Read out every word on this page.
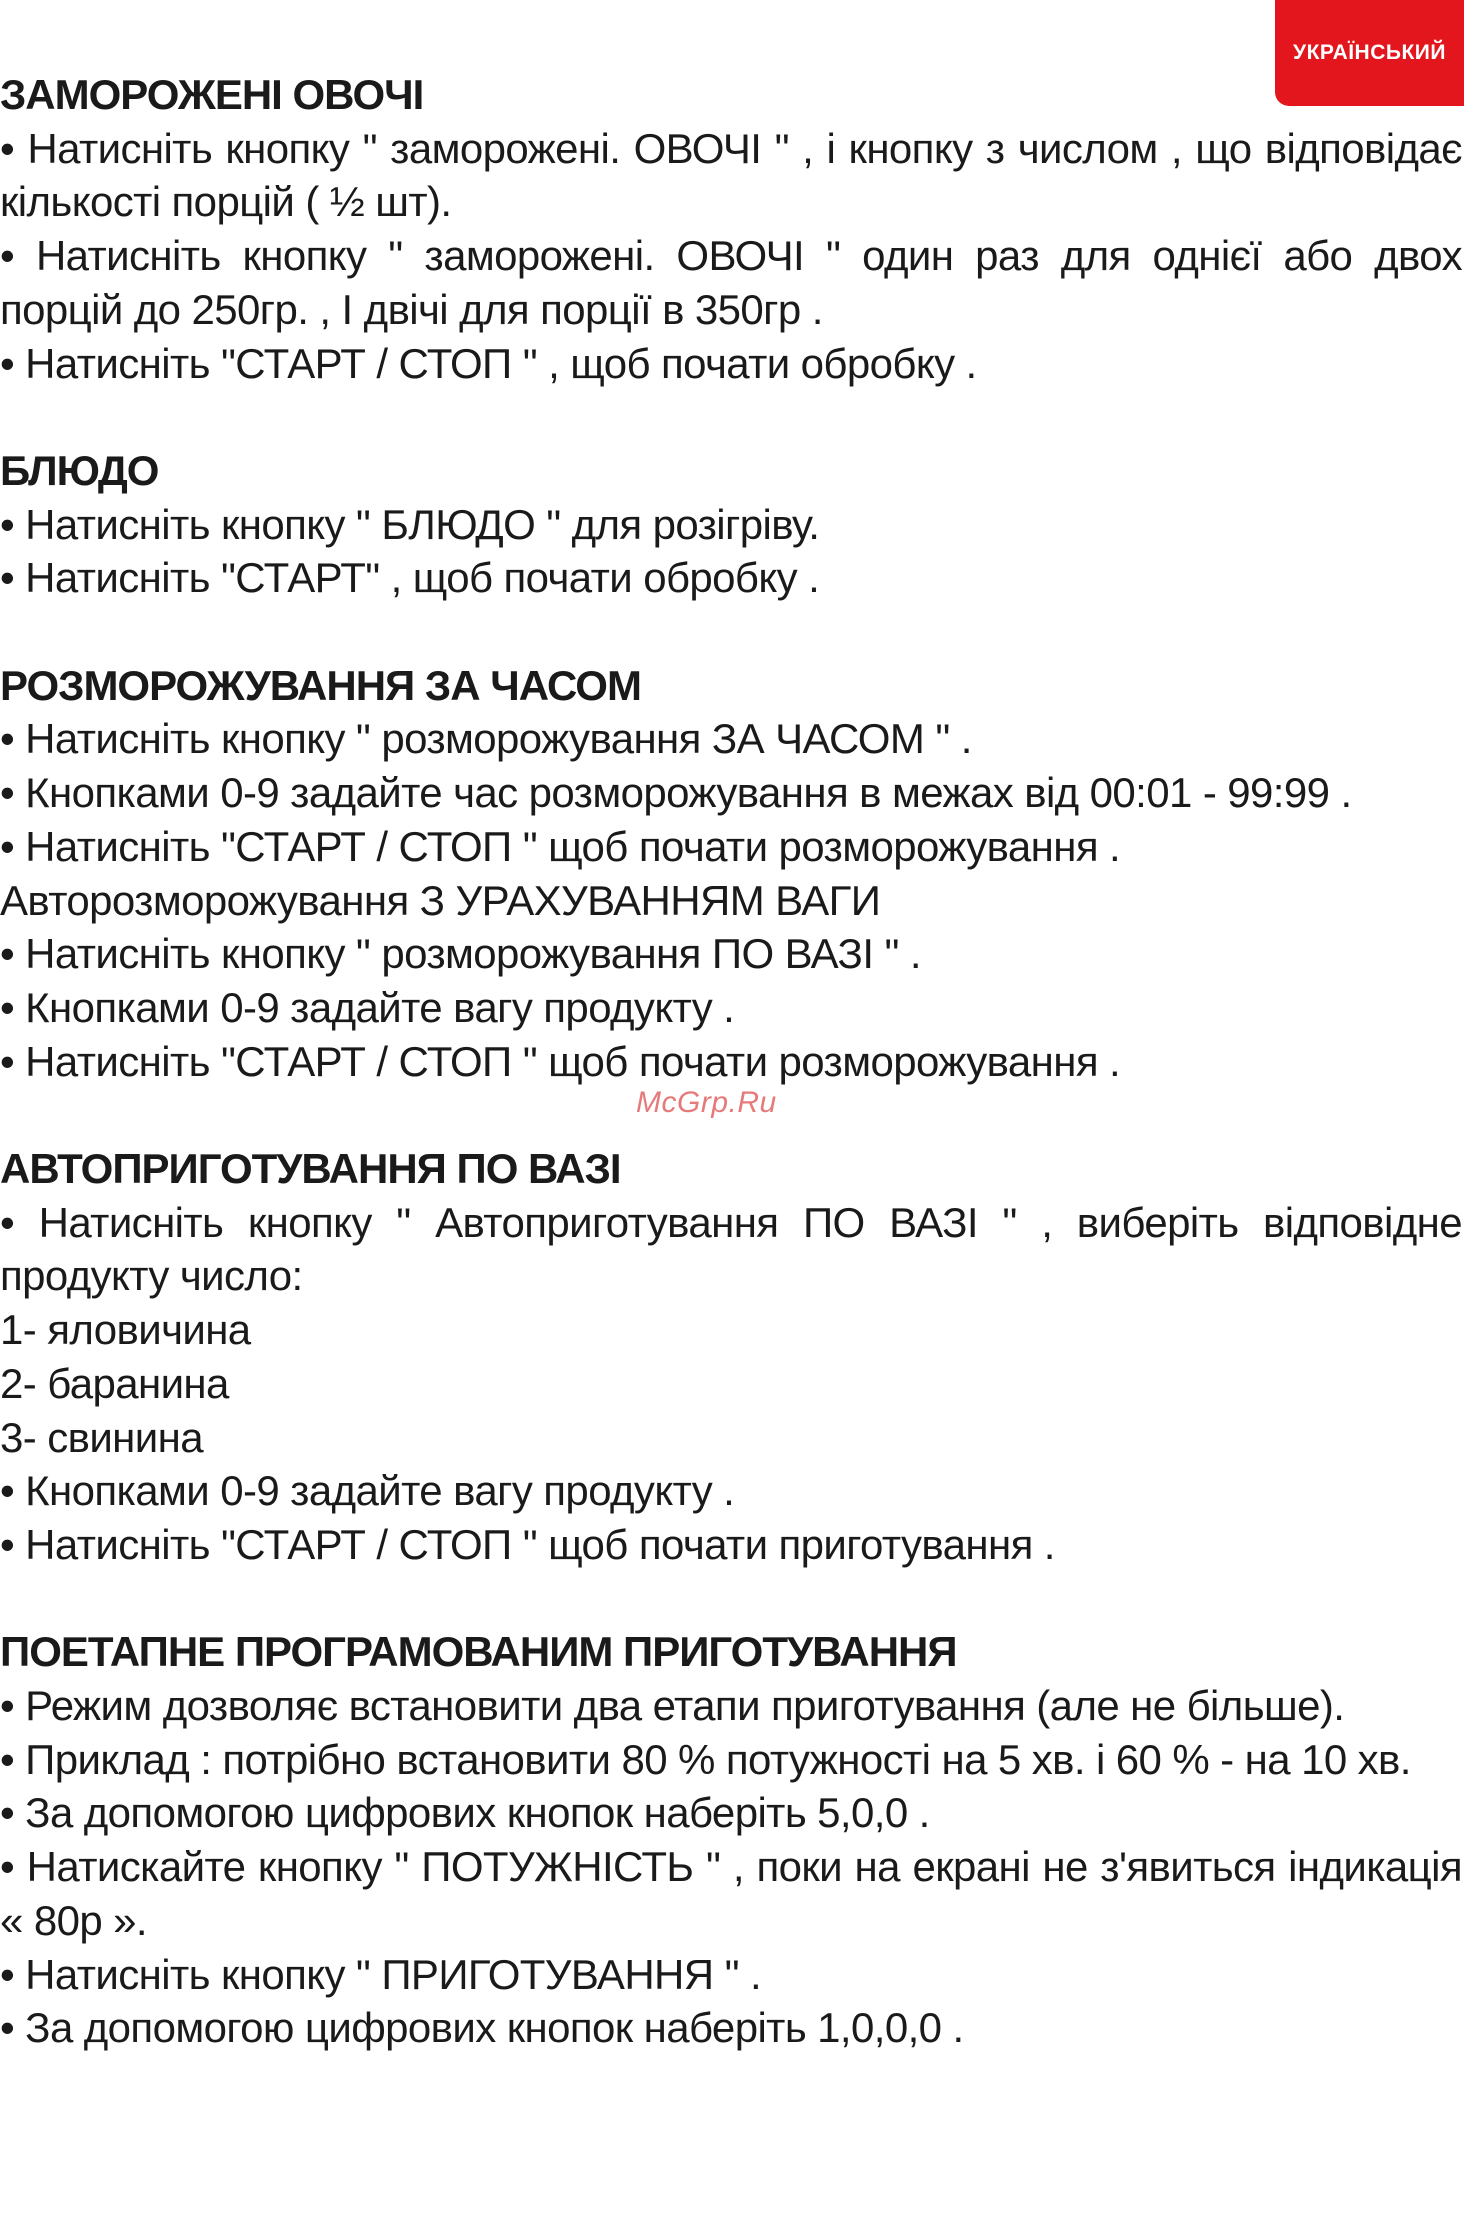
УКРАЇНСЬКИЙ

ЗАМОРОЖЕНІ ОВОЧІ

• Натисніть кнопку " заморожені. ОВОЧІ " , і кнопку з числом , що відповідає кількості порцій ( ½ шт).

• Натисніть кнопку " заморожені. ОВОЧІ " один раз для однієї або двох порцій до 250гр. , І двічі для порції в 350гр .

• Натисніть "СТАРТ / СТОП " , щоб почати обробку .

БЛЮДО

• Натисніть кнопку " БЛЮДО " для розігріву.

• Натисніть "СТАРТ" , щоб почати обробку .

РОЗМОРОЖУВАННЯ ЗА ЧАСОМ

• Натисніть кнопку " розморожування ЗА ЧАСОМ " .

• Кнопками 0-9 задайте час розморожування в межах від 00:01 - 99:99 .

• Натисніть "СТАРТ / СТОП " щоб почати розморожування .

Авторозморожування З УРАХУВАННЯМ ВАГИ

• Натисніть кнопку " розморожування ПО ВАЗІ " .

• Кнопками 0-9 задайте вагу продукту .

• Натисніть "СТАРТ / СТОП " щоб почати розморожування .

АВТОПРИГОТУВАННЯ ПО ВАЗІ

• Натисніть кнопку " Автоприготування ПО ВАЗІ " , виберіть відповідне продукту число:

1- яловичина

2- баранина

3- свинина

• Кнопками 0-9 задайте вагу продукту .

• Натисніть "СТАРТ / СТОП " щоб почати приготування .

ПОЕТАПНЕ ПРОГРАМОВАНИМ ПРИГОТУВАННЯ

• Режим дозволяє встановити два етапи приготування (але не більше).

• Приклад : потрібно встановити 80 % потужності на 5 хв. і 60 % - на 10 хв.

• За допомогою цифрових кнопок наберіть 5,0,0 .

• Натискайте кнопку " ПОТУЖНІСТЬ " , поки на екрані не з'явиться індикація « 80р ».

• Натисніть кнопку " ПРИГОТУВАННЯ " .

• За допомогою цифрових кнопок наберіть 1,0,0,0 .

McGrp.Ru
